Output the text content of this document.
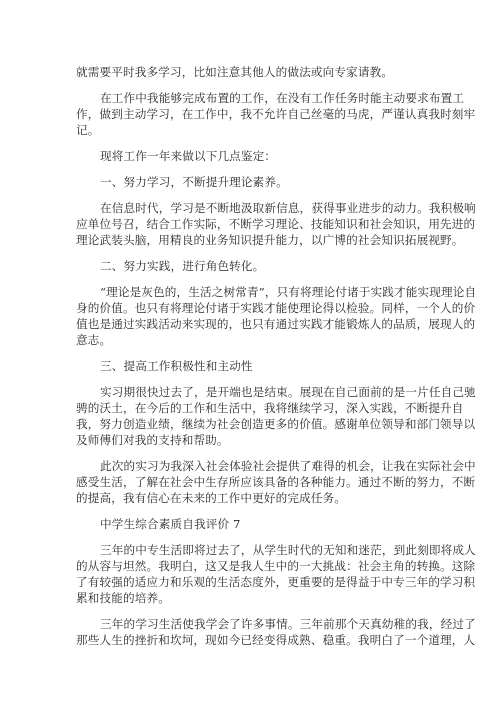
就需要平时我多学习，比如注意其他人的做法或向专家请教。

在工作中我能够完成布置的工作，在没有工作任务时能主动要求布置工

作，做到主动学习，在工作中，我不允许自己丝毫的马虎，严谨认真我时刻牢

记。

现将工作一年来做以下几点鉴定：

一、努力学习，不断提升理论素养。

在信息时代，学习是不断地汲取新信息，获得事业进步的动力。我积极响

应单位号召，结合工作实际，不断学习理论、技能知识和社会知识，用先进的

理论武装头脑，用精良的业务知识提升能力，以广博的社会知识拓展视野。

二、努力实践，进行角色转化。

“理论是灰色的，生活之树常青”，只有将理论付诸于实践才能实现理论自

身的价值。也只有将理论付诸于实践才能使理论得以检验。同样，一个人的价

值也是通过实践活动来实现的，也只有通过实践才能锻炼人的品质，展现人的

意志。

三、提高工作积极性和主动性

实习期很快过去了，是开端也是结束。展现在自己面前的是一片任自己驰

骋的沃土，在今后的工作和生活中，我将继续学习，深入实践，不断提升自

我，努力创造业绩，继续为社会创造更多的价值。感谢单位领导和部门领导以

及师傅们对我的支持和帮助。

此次的实习为我深入社会体验社会提供了难得的机会，让我在实际社会中

感受生活，了解在社会中生存所应该具备的各种能力。通过不断的努力，不断

的提高，我有信心在未来的工作中更好的完成任务。

中学生综合素质自我评价 7

三年的中专生活即将过去了，从学生时代的无知和迷茫，到此刻即将成人

的从容与坦然。我明白，这又是我人生中的一大挑战：社会主角的转换。这除

了有较强的适应力和乐观的生活态度外，更重要的是得益于中专三年的学习积

累和技能的培养。

三年的学习生活使我学会了许多事情。三年前那个天真幼稚的我，经过了

那些人生的挫折和坎坷，现如今已经变得成熟、稳重。我明白了一个道理，人
